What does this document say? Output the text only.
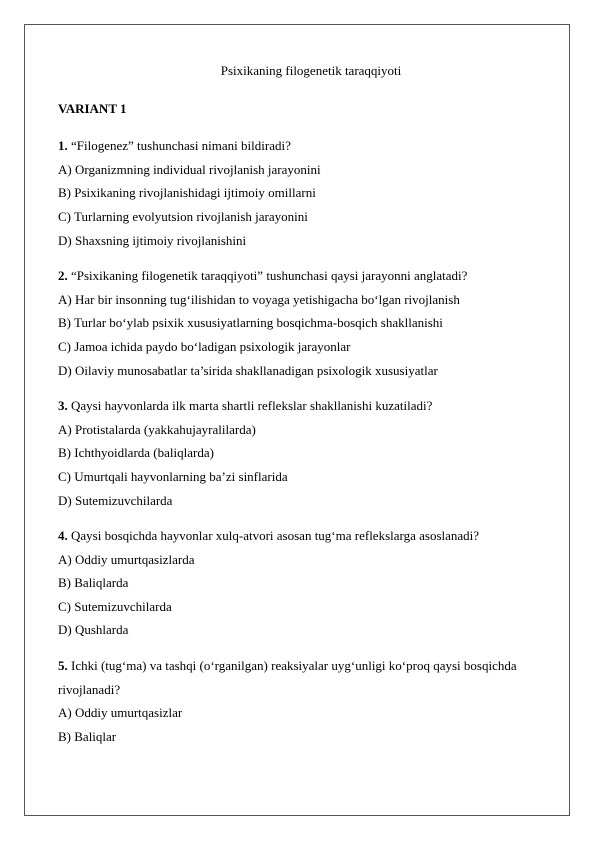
Psixikaning filogenetik taraqqiyoti
VARIANT 1

1. “Filogenez” tushunchasi nimani bildiradi?

A) Organizmning individual rivojlanish jarayonini

B) Psixikaning rivojlanishidagi ijtimoiy omillarni

C) Turlarning evolyutsion rivojlanish jarayonini

D) Shaxsning ijtimoiy rivojlanishini

2. “Psixikaning filogenetik taraqqiyoti” tushunchasi qaysi jarayonni anglatadi?

A) Har bir insonning tug‘ilishidan to voyaga yetishigacha bo‘lgan rivojlanish

B) Turlar bo‘ylab psixik xususiyatlarning bosqichma-bosqich shakllanishi

C) Jamoa ichida paydo bo‘ladigan psixologik jarayonlar

D) Oilaviy munosabatlar ta’sirida shakllanadigan psixologik xususiyatlar

3. Qaysi hayvonlarda ilk marta shartli reflekslar shakllanishi kuzatiladi?

A) Protistalarda (yakkahujayralilarda)

B) Ichthyoidlarda (baliqlarda)

C) Umurtqali hayvonlarning ba’zi sinflarida

D) Sutemizuvchilarda

4. Qaysi bosqichda hayvonlar xulq-atvori asosan tug‘ma reflekslarga asoslanadi?

A) Oddiy umurtqasizlarda

B) Baliqlarda

C) Sutemizuvchilarda

D) Qushlarda

5. Ichki (tug‘ma) va tashqi (o‘rganilgan) reaksiyalar uyg‘unligi ko‘proq qaysi bosqichda rivojlanadi?

A) Oddiy umurtqasizlar

B) Baliqlar
